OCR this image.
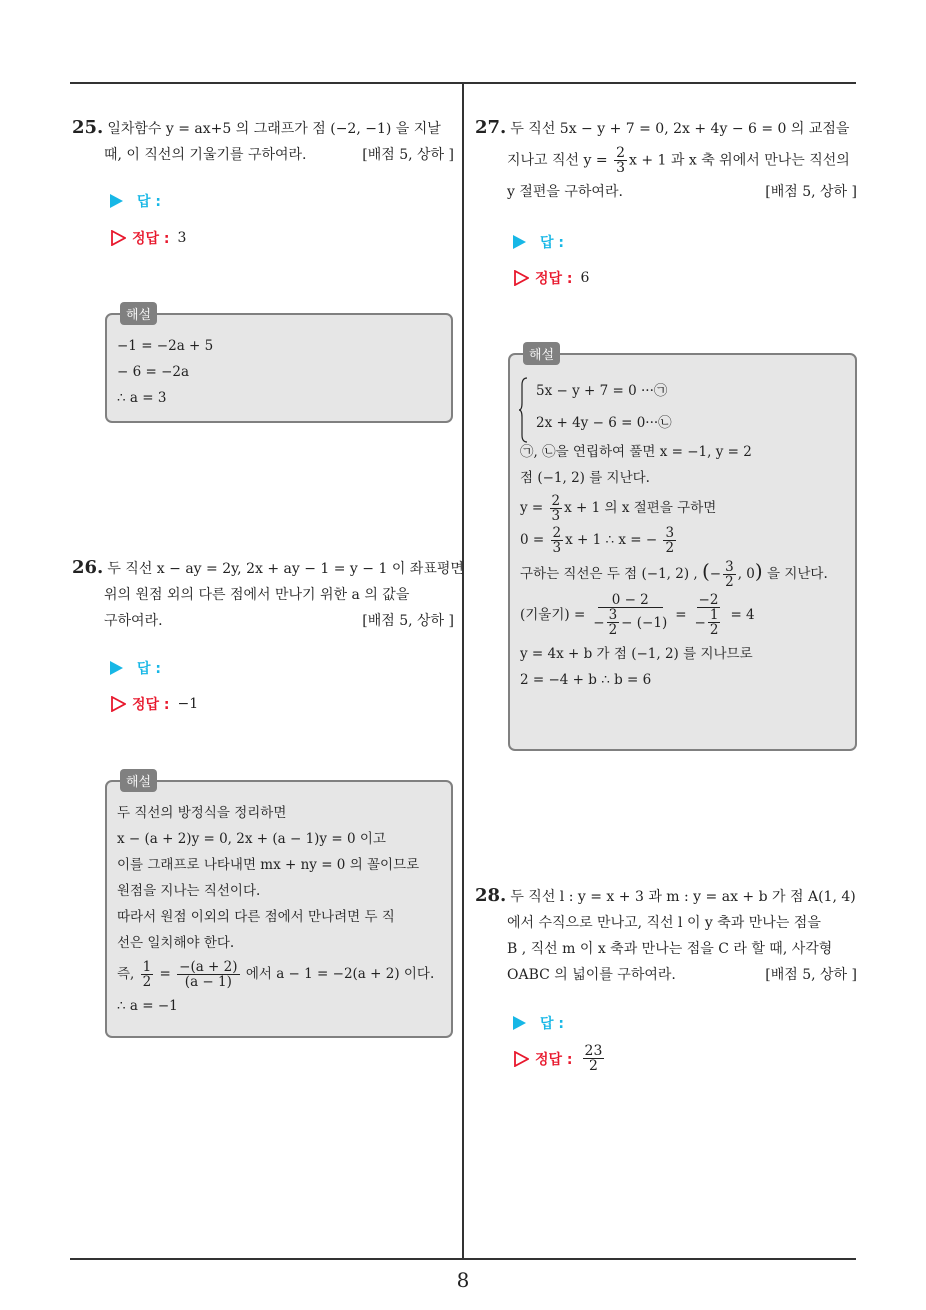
8
25. 일차함수 y = ax+5 의 그래프가 점 (−2, −1) 을 지날
때, 이 직선의 기울기를 구하여라.	[배점 5, 상하 ]
답 :
정답 : 3
−1 = −2a + 5
− 6 = −2a
∴ a = 3
해설
26. 두 직선 x − ay = 2y, 2x + ay − 1 = y − 1 이 좌표평면
위의 원점 외의 다른 점에서 만나기 위한 a 의 값을
구하여라.	[배점 5, 상하 ]
답 :
정답 : −1
두 직선의 방정식을 정리하면
x − (a + 2)y = 0, 2x + (a − 1)y = 0 이고
이를 그래프로 나타내면 mx + ny = 0 의 꼴이므로
원점을 지나는 직선이다.
따라서 원점 이외의 다른 점에서 만나려면 두 직
선은 일치해야 한다.
즉, $\frac{1}{2} = \frac{-(a + 2)}{(a - 1)}$ 에서 a − 1 = −2(a + 2) 이다.
∴ a = −1
해설
27. 두 직선 5x − y + 7 = 0, 2x + 4y − 6 = 0 의 교점을
지나고 직선 $y = \frac{2}{3}$ x + 1 과 x 축 위에서 만나는 직선의
y 절편을 구하여라.	[배점 5, 상하 ]
답 :
정답 : 6
5x − y + 7 = 0 ···㉠
2x + 4y − 6 = 0···㉡
㉠, ㉡을 연립하여 풀면 x = −1, y = 2
점 (−1, 2) 를 지난다.
$y = \frac{2}{3}$ x + 1 의 x 절편을 구하면
$0 = \frac{2}{3}$ x + 1 ∴ x = − $\frac{3}{2}$
구하는 직선은 두 점 (−1, 2) , (− $\frac{3}{2}$ , 0) 을 지난다.
(기울기) = $\frac{0 - 2}{- \frac{3}{2} - (-1)} = \frac{-2}{- \frac{1}{2}} = 4$
y = 4x + b 가 점 (−1, 2) 를 지나므로
2 = −4 + b ∴ b = 6
해설
28. 두 직선 l : y = x + 3 과 m : y = ax + b 가 점 A(1, 4)
에서 수직으로 만나고, 직선 l 이 y 축과 만나는 점을
B , 직선 m 이 x 축과 만나는 점을 C 라 할 때, 사각형
OABC 의 넓이를 구하여라.	[배점 5, 상하 ]
답 :
정답 : $\frac{23}{2}$
